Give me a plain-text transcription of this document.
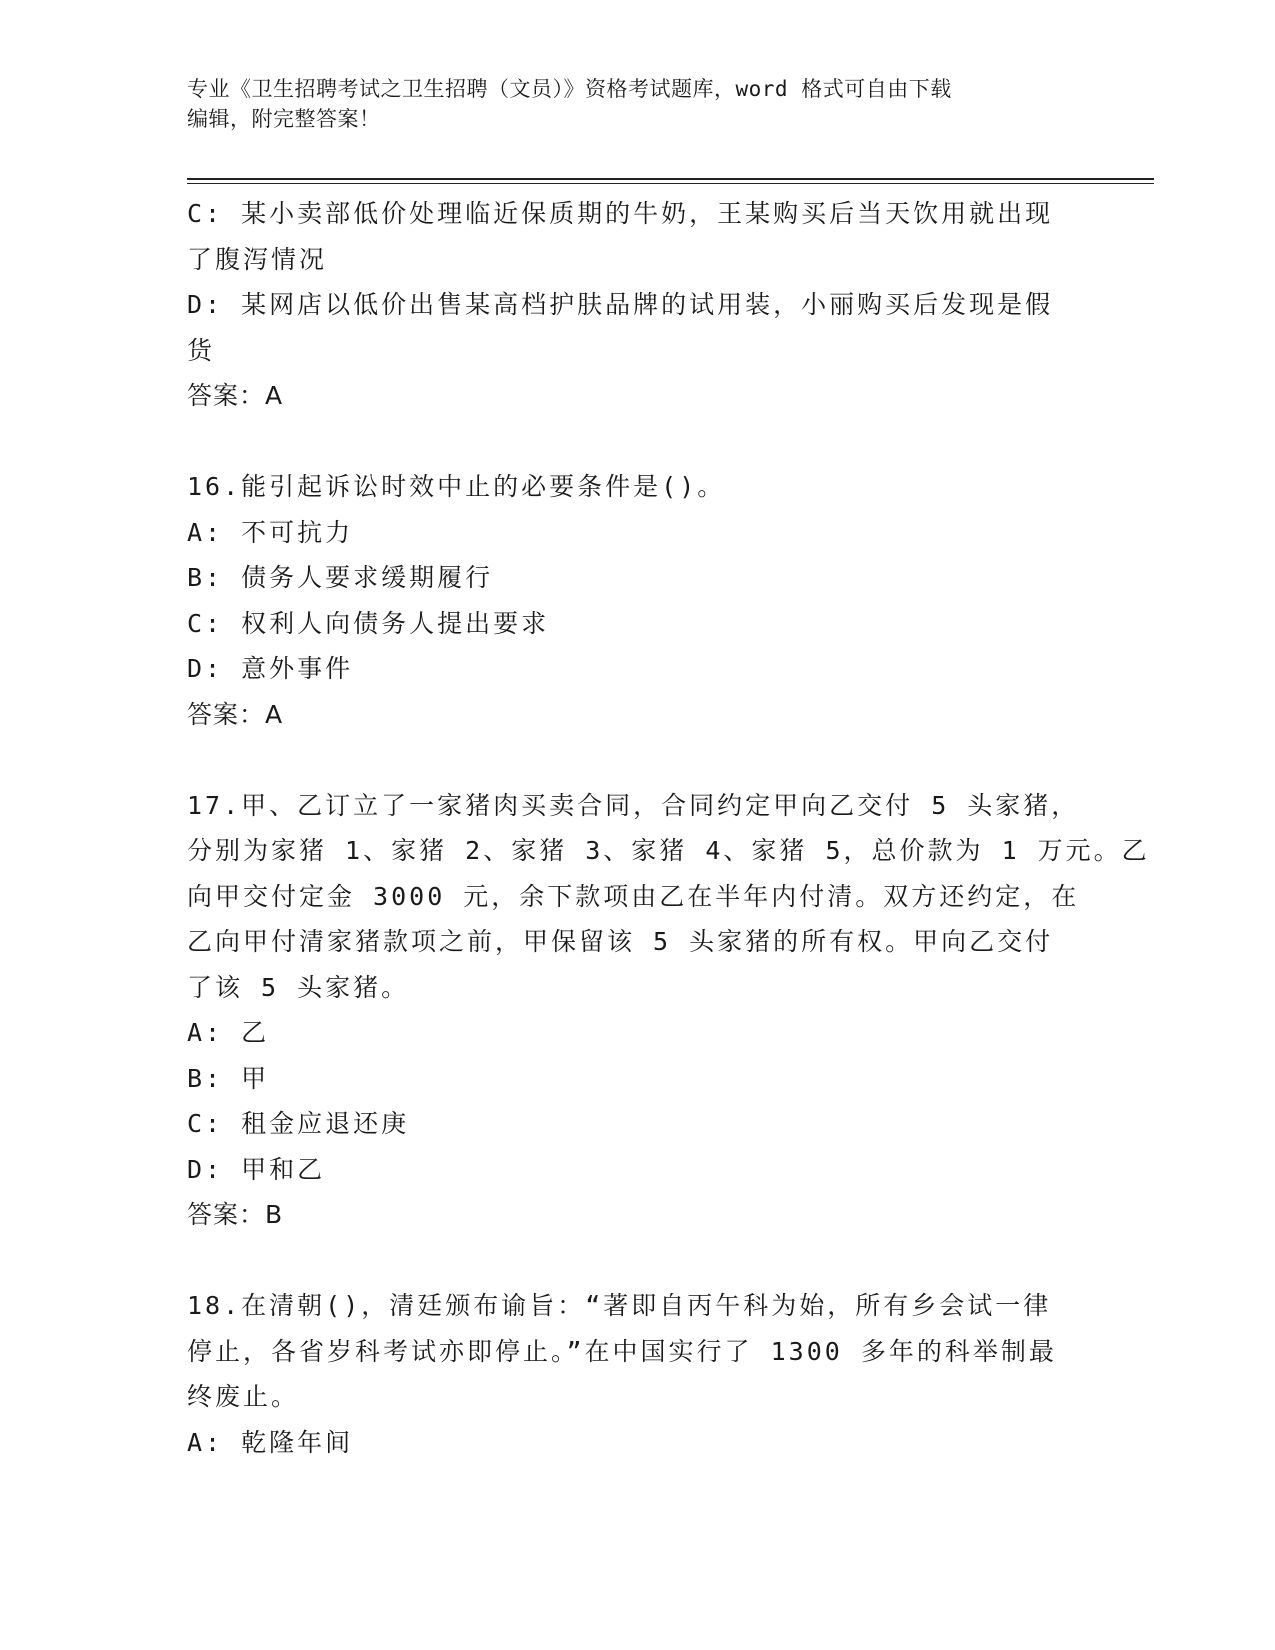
专业《卫生招聘考试之卫生招聘（文员）》资格考试题库，word 格式可自由下载
编辑，附完整答案！
C: 某小卖部低价处理临近保质期的牛奶，王某购买后当天饮用就出现
了腹泻情况
D: 某网店以低价出售某高档护肤品牌的试用装，小丽购买后发现是假
货
答案：A
16.能引起诉讼时效中止的必要条件是()。
A: 不可抗力
B: 债务人要求缓期履行
C: 权利人向债务人提出要求
D: 意外事件
答案：A
17.甲、乙订立了一家猪肉买卖合同，合同约定甲向乙交付 5 头家猪，
分别为家猪 1、家猪 2、家猪 3、家猪 4、家猪 5，总价款为 1 万元。乙
向甲交付定金 3000 元，余下款项由乙在半年内付清。双方还约定，在
乙向甲付清家猪款项之前，甲保留该 5 头家猪的所有权。甲向乙交付
了该 5 头家猪。
A: 乙
B: 甲
C: 租金应退还庚
D: 甲和乙
答案：B
18.在清朝()，清廷颁布谕旨：“著即自丙午科为始，所有乡会试一律
停止，各省岁科考试亦即停止。”在中国实行了 1300 多年的科举制最
终废止。
A: 乾隆年间
